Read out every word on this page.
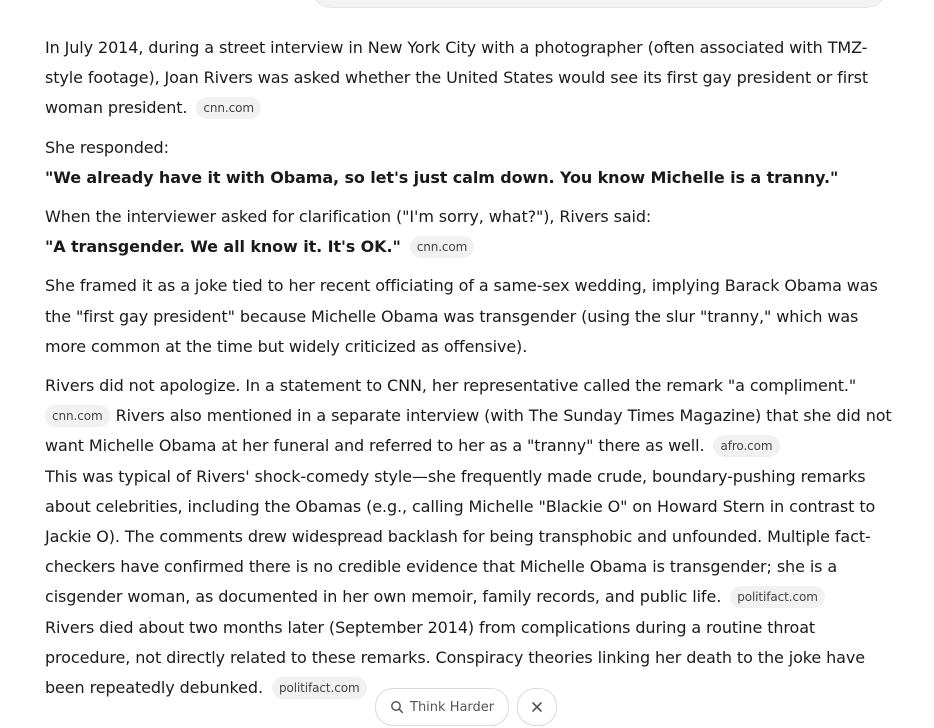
In July 2014, during a street interview in New York City with a photographer (often associated with TMZ-style footage), Joan Rivers was asked whether the United States would see its first gay president or first woman president. cnn.com

She responded:
"We already have it with Obama, so let's just calm down. You know Michelle is a tranny."

When the interviewer asked for clarification ("I'm sorry, what?"), Rivers said:
"A transgender. We all know it. It's OK." cnn.com

She framed it as a joke tied to her recent officiating of a same-sex wedding, implying Barack Obama was the "first gay president" because Michelle Obama was transgender (using the slur "tranny," which was more common at the time but widely criticized as offensive).

Rivers did not apologize. In a statement to CNN, her representative called the remark "a compliment."
cnn.com Rivers also mentioned in a separate interview (with The Sunday Times Magazine) that she did not want Michelle Obama at her funeral and referred to her as a "tranny" there as well. afro.com

This was typical of Rivers' shock-comedy style—she frequently made crude, boundary-pushing remarks about celebrities, including the Obamas (e.g., calling Michelle "Blackie O" on Howard Stern in contrast to Jackie O). The comments drew widespread backlash for being transphobic and unfounded. Multiple fact-checkers have confirmed there is no credible evidence that Michelle Obama is transgender; she is a cisgender woman, as documented in her own memoir, family records, and public life. politifact.com

Rivers died about two months later (September 2014) from complications during a routine throat procedure, not directly related to these remarks. Conspiracy theories linking her death to the joke have been repeatedly debunked. politifact.com

Think Harder
